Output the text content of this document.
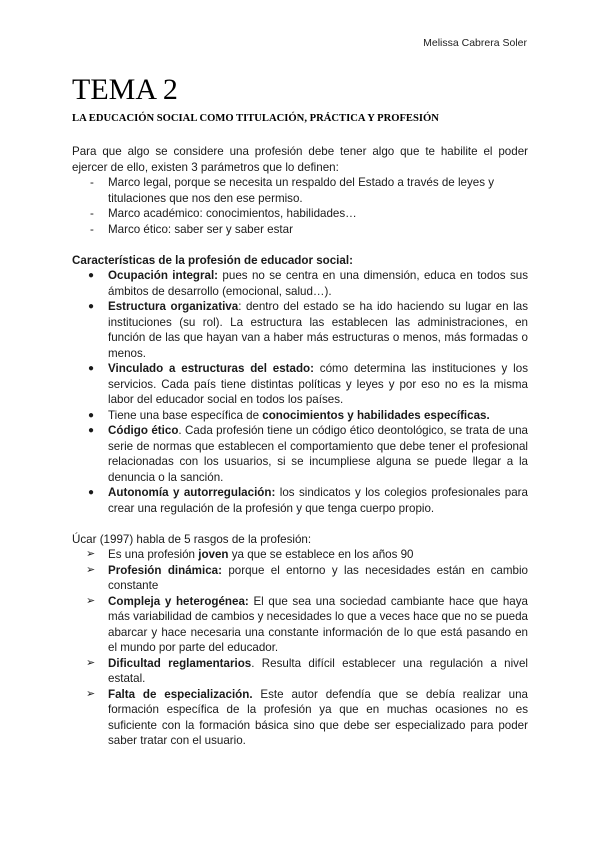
Melissa Cabrera Soler
TEMA 2
LA EDUCACIÓN SOCIAL COMO TITULACIÓN, PRÁCTICA Y PROFESIÓN

Para que algo se considere una profesión debe tener algo que te habilite el poder ejercer de ello, existen 3 parámetros que lo definen:

- Marco legal, porque se necesita un respaldo del Estado a través de leyes y titulaciones que nos den ese permiso.
- Marco académico: conocimientos, habilidades…
- Marco ético: saber ser y saber estar

Características de la profesión de educador social:

● Ocupación integral: pues no se centra en una dimensión, educa en todos sus ámbitos de desarrollo (emocional, salud…).
● Estructura organizativa: dentro del estado se ha ido haciendo su lugar en las instituciones (su rol). La estructura las establecen las administraciones, en función de las que hayan van a haber más estructuras o menos, más formadas o menos.
● Vinculado a estructuras del estado: cómo determina las instituciones y los servicios. Cada país tiene distintas políticas y leyes y por eso no es la misma labor del educador social en todos los países.
● Tiene una base específica de conocimientos y habilidades específicas.
● Código ético. Cada profesión tiene un código ético deontológico, se trata de una serie de normas que establecen el comportamiento que debe tener el profesional relacionadas con los usuarios, si se incumpliese alguna se puede llegar a la denuncia o la sanción.
● Autonomía y autorregulación: los sindicatos y los colegios profesionales para crear una regulación de la profesión y que tenga cuerpo propio.

Úcar (1997) habla de 5 rasgos de la profesión:

➢ Es una profesión joven ya que se establece en los años 90
➢ Profesión dinámica: porque el entorno y las necesidades están en cambio constante
➢ Compleja y heterogénea: El que sea una sociedad cambiante hace que haya más variabilidad de cambios y necesidades lo que a veces hace que no se pueda abarcar y hace necesaria una constante información de lo que está pasando en el mundo por parte del educador.
➢ Dificultad reglamentarios. Resulta difícil establecer una regulación a nivel estatal.
➢ Falta de especialización. Este autor defendía que se debía realizar una formación específica de la profesión ya que en muchas ocasiones no es suficiente con la formación básica sino que debe ser especializado para poder saber tratar con el usuario.
